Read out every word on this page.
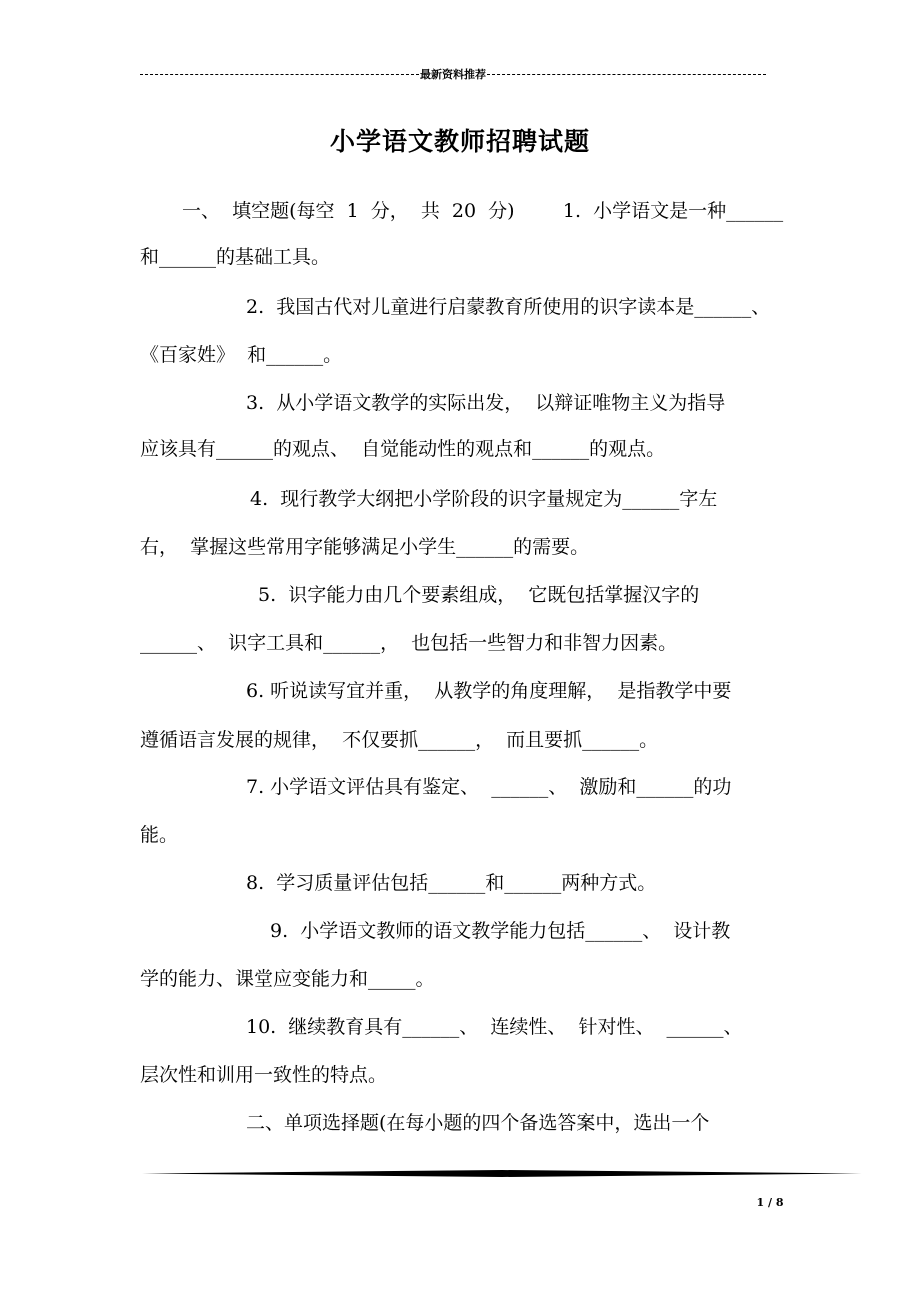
最新资料推荐
小学语文教师招聘试题
一、  填空题(每空  1  分，  共  20  分)        1.  小学语文是一种______
和______的基础工具。
2.  我国古代对儿童进行启蒙教育所使用的识字读本是______、
《百家姓》  和______。
3.  从小学语文教学的实际出发，  以辩证唯物主义为指导
应该具有______的观点、  自觉能动性的观点和______的观点。
4.  现行教学大纲把小学阶段的识字量规定为______字左
右，  掌握这些常用字能够满足小学生______的需要。
5.  识字能力由几个要素组成，  它既包括掌握汉字的
______、  识字工具和______，  也包括一些智力和非智力因素。
6. 听说读写宜并重，  从教学的角度理解，  是指教学中要
遵循语言发展的规律，  不仅要抓______，  而且要抓______。
7. 小学语文评估具有鉴定、  ______、  激励和______的功
能。
8.  学习质量评估包括______和______两种方式。
9.  小学语文教师的语文教学能力包括______、  设计教
学的能力、课堂应变能力和_____。
10.  继续教育具有______、  连续性、  针对性、  ______、
层次性和训用一致性的特点。
二、单项选择题(在每小题的四个备选答案中，选出一个
1 / 8
